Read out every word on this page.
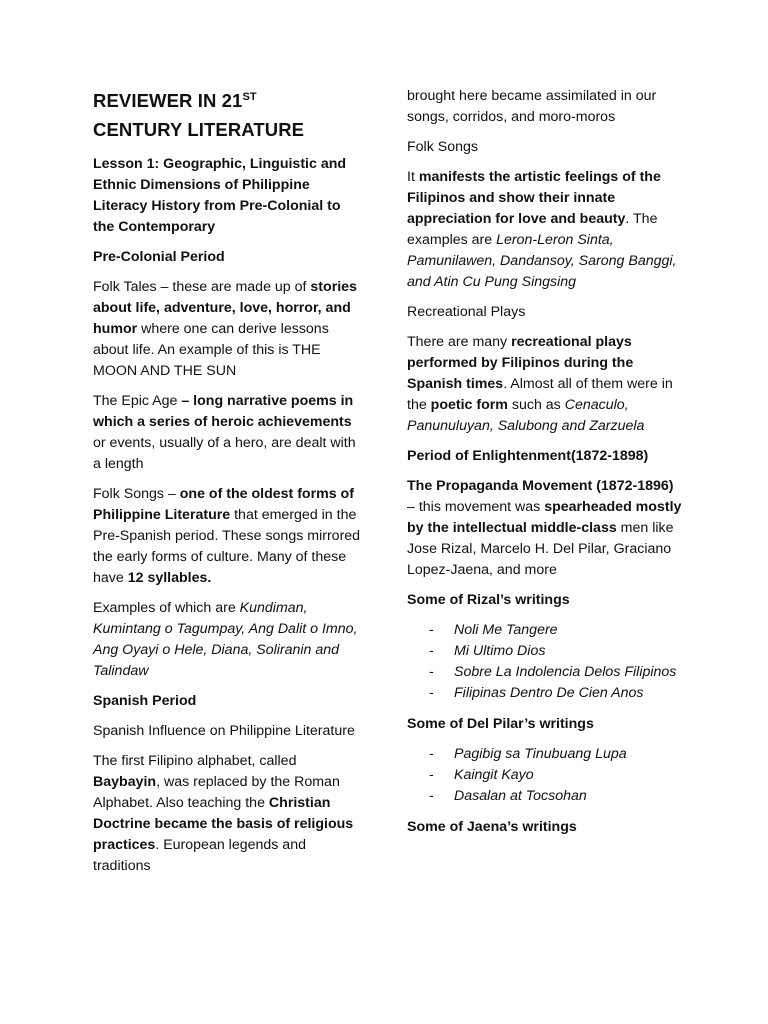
REVIEWER IN 21ST
CENTURY LITERATURE

Lesson 1: Geographic, Linguistic and Ethnic Dimensions of Philippine Literacy History from Pre-Colonial to the Contemporary

Pre-Colonial Period

Folk Tales – these are made up of stories about life, adventure, love, horror, and humor where one can derive lessons about life. An example of this is THE MOON AND THE SUN

The Epic Age – long narrative poems in which a series of heroic achievements or events, usually of a hero, are dealt with a length

Folk Songs – one of the oldest forms of Philippine Literature that emerged in the Pre-Spanish period. These songs mirrored the early forms of culture. Many of these have 12 syllables.

Examples of which are Kundiman, Kumintang o Tagumpay, Ang Dalit o Imno, Ang Oyayi o Hele, Diana, Soliranin and Talindaw

Spanish Period

Spanish Influence on Philippine Literature

The first Filipino alphabet, called Baybayin, was replaced by the Roman Alphabet. Also teaching the Christian Doctrine became the basis of religious practices. European legends and traditions

brought here became assimilated in our songs, corridos, and moro-moros

Folk Songs

It manifests the artistic feelings of the Filipinos and show their innate appreciation for love and beauty. The examples are Leron-Leron Sinta, Pamunilawen, Dandansoy, Sarong Banggi, and Atin Cu Pung Singsing

Recreational Plays

There are many recreational plays performed by Filipinos during the Spanish times. Almost all of them were in the poetic form such as Cenaculo, Panunuluyan, Salubong and Zarzuela

Period of Enlightenment(1872-1898)

The Propaganda Movement (1872-1896) – this movement was spearheaded mostly by the intellectual middle-class men like Jose Rizal, Marcelo H. Del Pilar, Graciano Lopez-Jaena, and more

Some of Rizal’s writings

- Noli Me Tangere
- Mi Ultimo Dios
- Sobre La Indolencia Delos Filipinos
- Filipinas Dentro De Cien Anos

Some of Del Pilar’s writings

- Pagibig sa Tinubuang Lupa
- Kaingit Kayo
- Dasalan at Tocsohan

Some of Jaena’s writings
